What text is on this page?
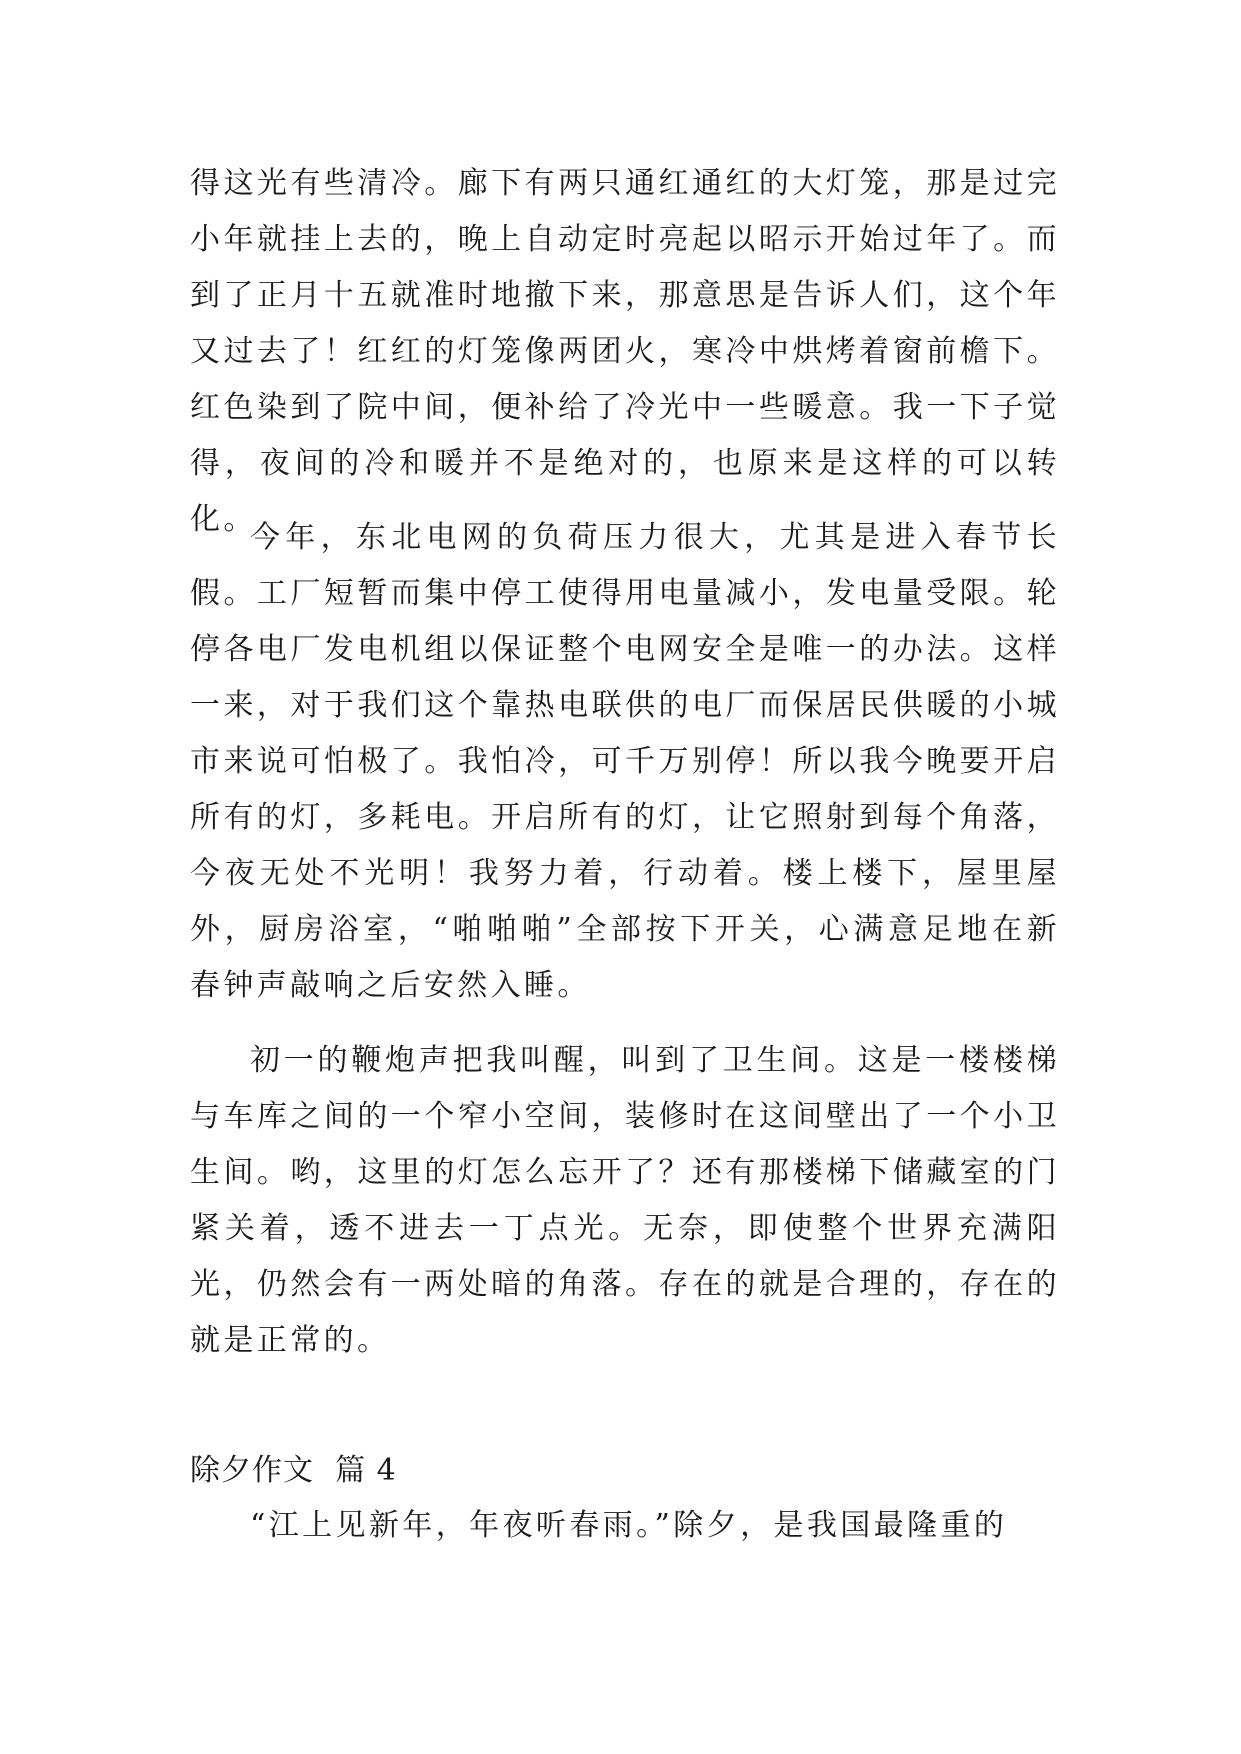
得这光有些清冷。廊下有两只通红通红的大灯笼，那是过完小年就挂上去的，晚上自动定时亮起以昭示开始过年了。而到了正月十五就准时地撤下来，那意思是告诉人们，这个年又过去了！红红的灯笼像两团火，寒冷中烘烤着窗前檐下。红色染到了院中间，便补给了冷光中一些暖意。我一下子觉得，夜间的冷和暖并不是绝对的，也原来是这样的可以转化。

今年，东北电网的负荷压力很大，尤其是进入春节长假。工厂短暂而集中停工使得用电量减小，发电量受限。轮停各电厂发电机组以保证整个电网安全是唯一的办法。这样一来，对于我们这个靠热电联供的电厂而保居民供暖的小城市来说可怕极了。我怕冷，可千万别停！所以我今晚要开启所有的灯，多耗电。开启所有的灯，让它照射到每个角落，今夜无处不光明！我努力着，行动着。楼上楼下，屋里屋外，厨房浴室，“啪啪啪”全部按下开关，心满意足地在新春钟声敲响之后安然入睡。

初一的鞭炮声把我叫醒，叫到了卫生间。这是一楼楼梯与车库之间的一个窄小空间，装修时在这间壁出了一个小卫生间。哟，这里的灯怎么忘开了？还有那楼梯下储藏室的门紧关着，透不进去一丁点光。无奈，即使整个世界充满阳光，仍然会有一两处暗的角落。存在的就是合理的，存在的就是正常的。

除夕作文  篇 4

“江上见新年，年夜听春雨。”除夕，是我国最隆重的
